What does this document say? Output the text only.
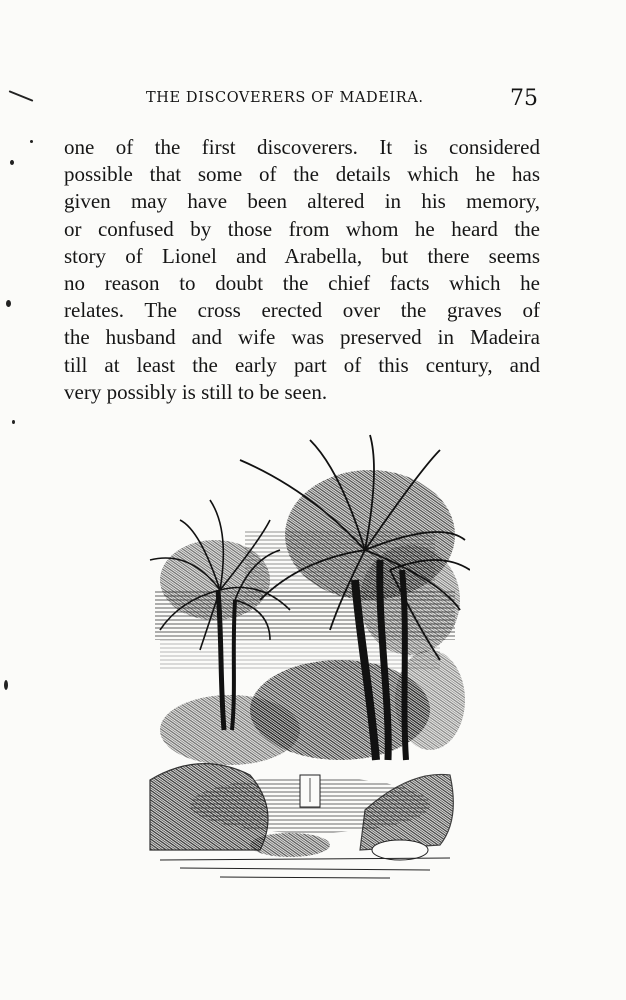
THE DISCOVERERS OF MADEIRA.	75
one of the first discoverers. It is considered
possible that some of the details which he has
given may have been altered in his memory,
or confused by those from whom he heard the
story of Lionel and Arabella, but there seems
no reason to doubt the chief facts which he
relates. The cross erected over the graves of
the husband and wife was preserved in Madeira
till at least the early part of this century, and
very possibly is still to be seen.
